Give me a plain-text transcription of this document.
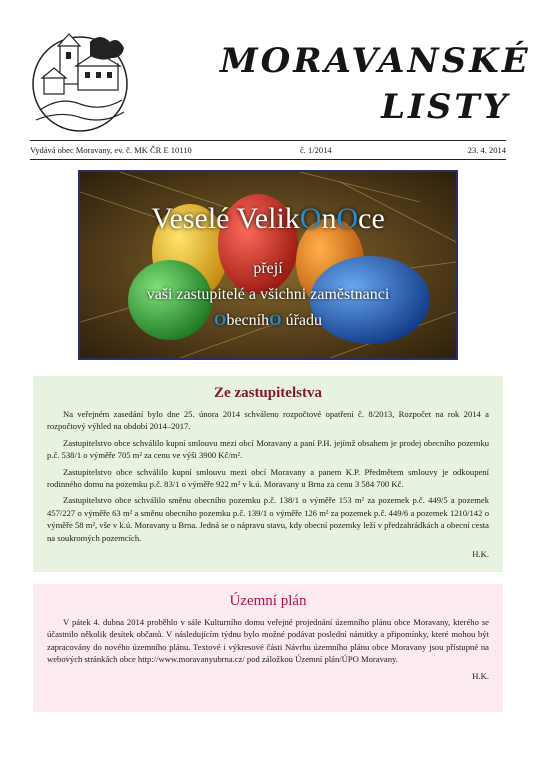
MORAVANSKÉ
LISTY
Vydává obec Moravany, ev. č. MK ČR E 10110	č. 1/2014	23. 4. 2014
Veselé VelikOnOce
přejí
vaši zastupitelé a všichni zaměstnanci
ObecníhO úřadu
Ze zastupitelstva

Na veřejném zasedání bylo dne 25. února 2014 schváleno rozpočtové opatření č. 8/2013, Rozpočet na rok 2014 a rozpočtový výhled na období 2014–2017.

Zastupitelstvo obce schválilo kupní smlouvu mezi obcí Moravany a paní P.H. jejímž obsahem je prodej obecního pozemku p.č. 538/1 o výměře 705 m² za cenu ve výši 3900 Kč/m².

Zastupitelstvo obce schválilo kupní smlouvu mezi obcí Moravany a panem K.P. Předmětem smlouvy je odkoupení rodinného domu na pozemku p.č. 83/1 o výměře 922 m² v k.ú. Moravany u Brna za cenu 3 584 700 Kč.

Zastupitelstvo obce schválilo směnu obecního pozemku p.č. 138/1 o výměře 153 m² za pozemek p.č. 449/5 a pozemek 457/227 o výměře 63 m² a směnu obecního pozemku p.č. 139/1 o výměře 126 m² za pozemek p.č. 449/6 a pozemek 1210/142 o výměře 58 m², vše v k.ú. Moravany u Brna. Jedná se o nápravu stavu, kdy obecní pozemky leží v předzahrádkách a obecní cesta na soukromých pozemcích.

H.K.

Územní plán

V pátek 4. dubna 2014 proběhlo v sále Kulturního domu veřejné projednání územního plánu obce Moravany, kterého se účastnilo několik desítek občanů. V následujícím týdnu bylo možné podávat poslední námitky a připomínky, které mohou být zapracovány do nového územního plánu. Textové i výkresové části Návrhu územního plánu obce Moravany jsou přístupné na webových stránkách obce http://www.moravanyubrna.cz/ pod záložkou Územní plán/ÚPO Moravany.

H.K.
